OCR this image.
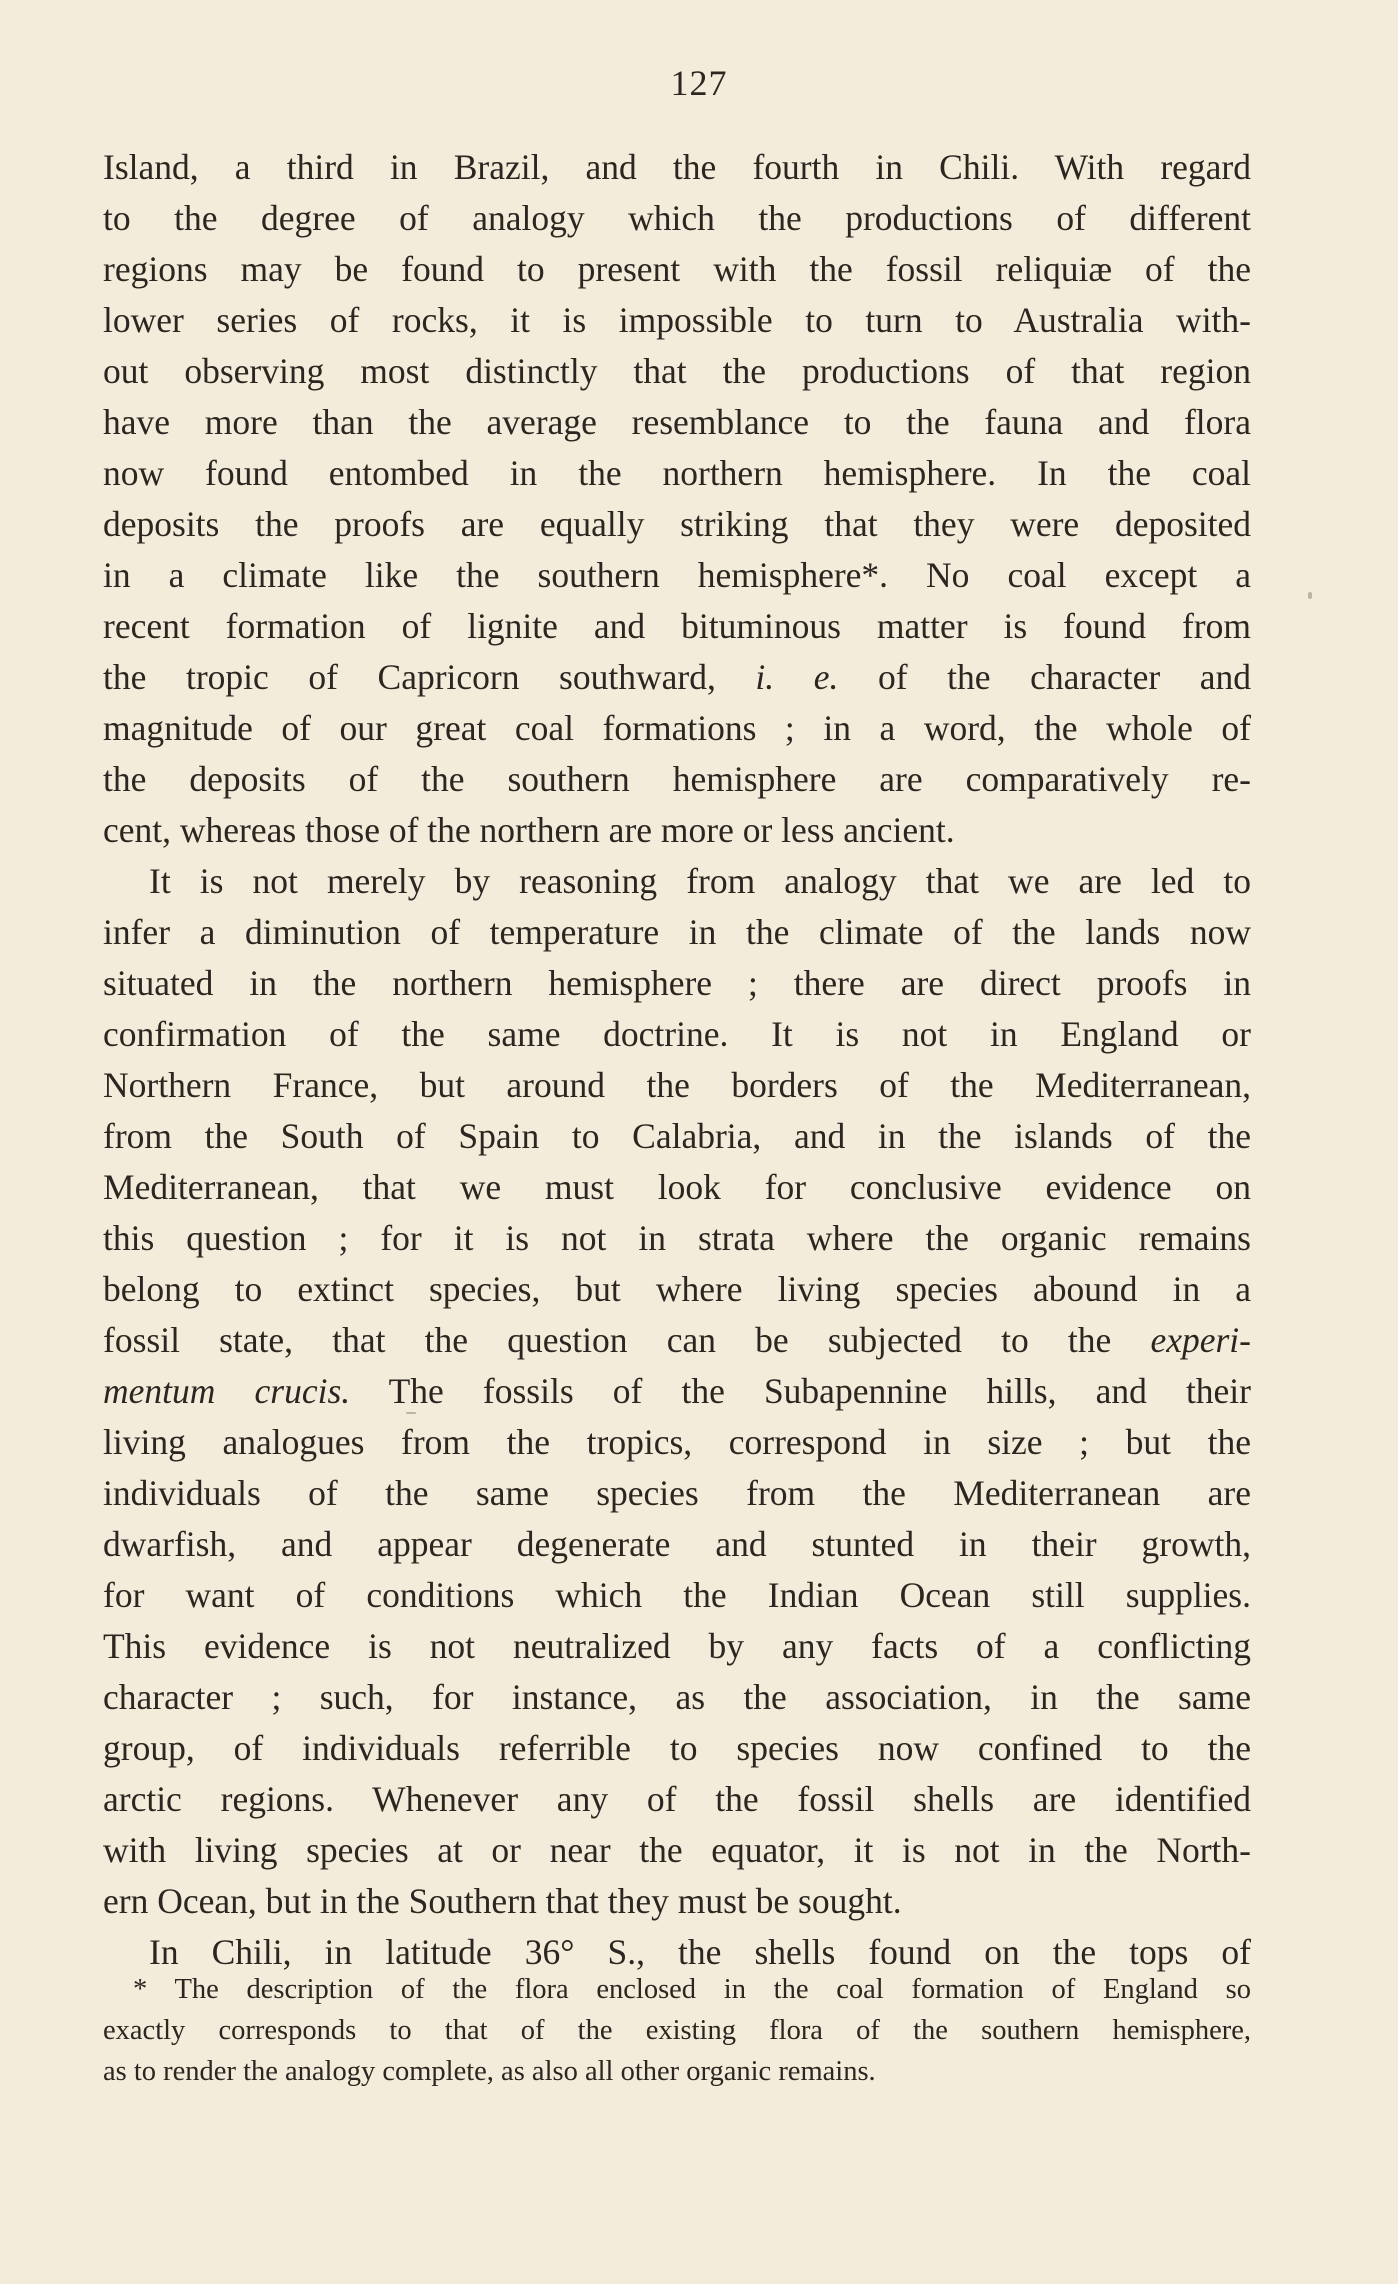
127
Island, a third in Brazil, and the fourth in Chili. With regard
to the degree of analogy which the productions of different
regions may be found to present with the fossil reliquiæ of the
lower series of rocks, it is impossible to turn to Australia with-
out observing most distinctly that the productions of that region
have more than the average resemblance to the fauna and flora
now found entombed in the northern hemisphere. In the coal
deposits the proofs are equally striking that they were deposited
in a climate like the southern hemisphere*. No coal except a
recent formation of lignite and bituminous matter is found from
the tropic of Capricorn southward, i. e. of the character and
magnitude of our great coal formations ; in a word, the whole of
the deposits of the southern hemisphere are comparatively re-
cent, whereas those of the northern are more or less ancient.
It is not merely by reasoning from analogy that we are led to
infer a diminution of temperature in the climate of the lands now
situated in the northern hemisphere ; there are direct proofs in
confirmation of the same doctrine. It is not in England or
Northern France, but around the borders of the Mediterranean,
from the South of Spain to Calabria, and in the islands of the
Mediterranean, that we must look for conclusive evidence on
this question ; for it is not in strata where the organic remains
belong to extinct species, but where living species abound in a
fossil state, that the question can be subjected to the experi-
mentum crucis. The fossils of the Subapennine hills, and their
living analogues from the tropics, correspond in size ; but the
individuals of the same species from the Mediterranean are
dwarfish, and appear degenerate and stunted in their growth,
for want of conditions which the Indian Ocean still supplies.
This evidence is not neutralized by any facts of a conflicting
character ; such, for instance, as the association, in the same
group, of individuals referrible to species now confined to the
arctic regions. Whenever any of the fossil shells are identified
with living species at or near the equator, it is not in the North-
ern Ocean, but in the Southern that they must be sought.
In Chili, in latitude 36° S., the shells found on the tops of
* The description of the flora enclosed in the coal formation of England so
exactly corresponds to that of the existing flora of the southern hemisphere,
as to render the analogy complete, as also all other organic remains.
